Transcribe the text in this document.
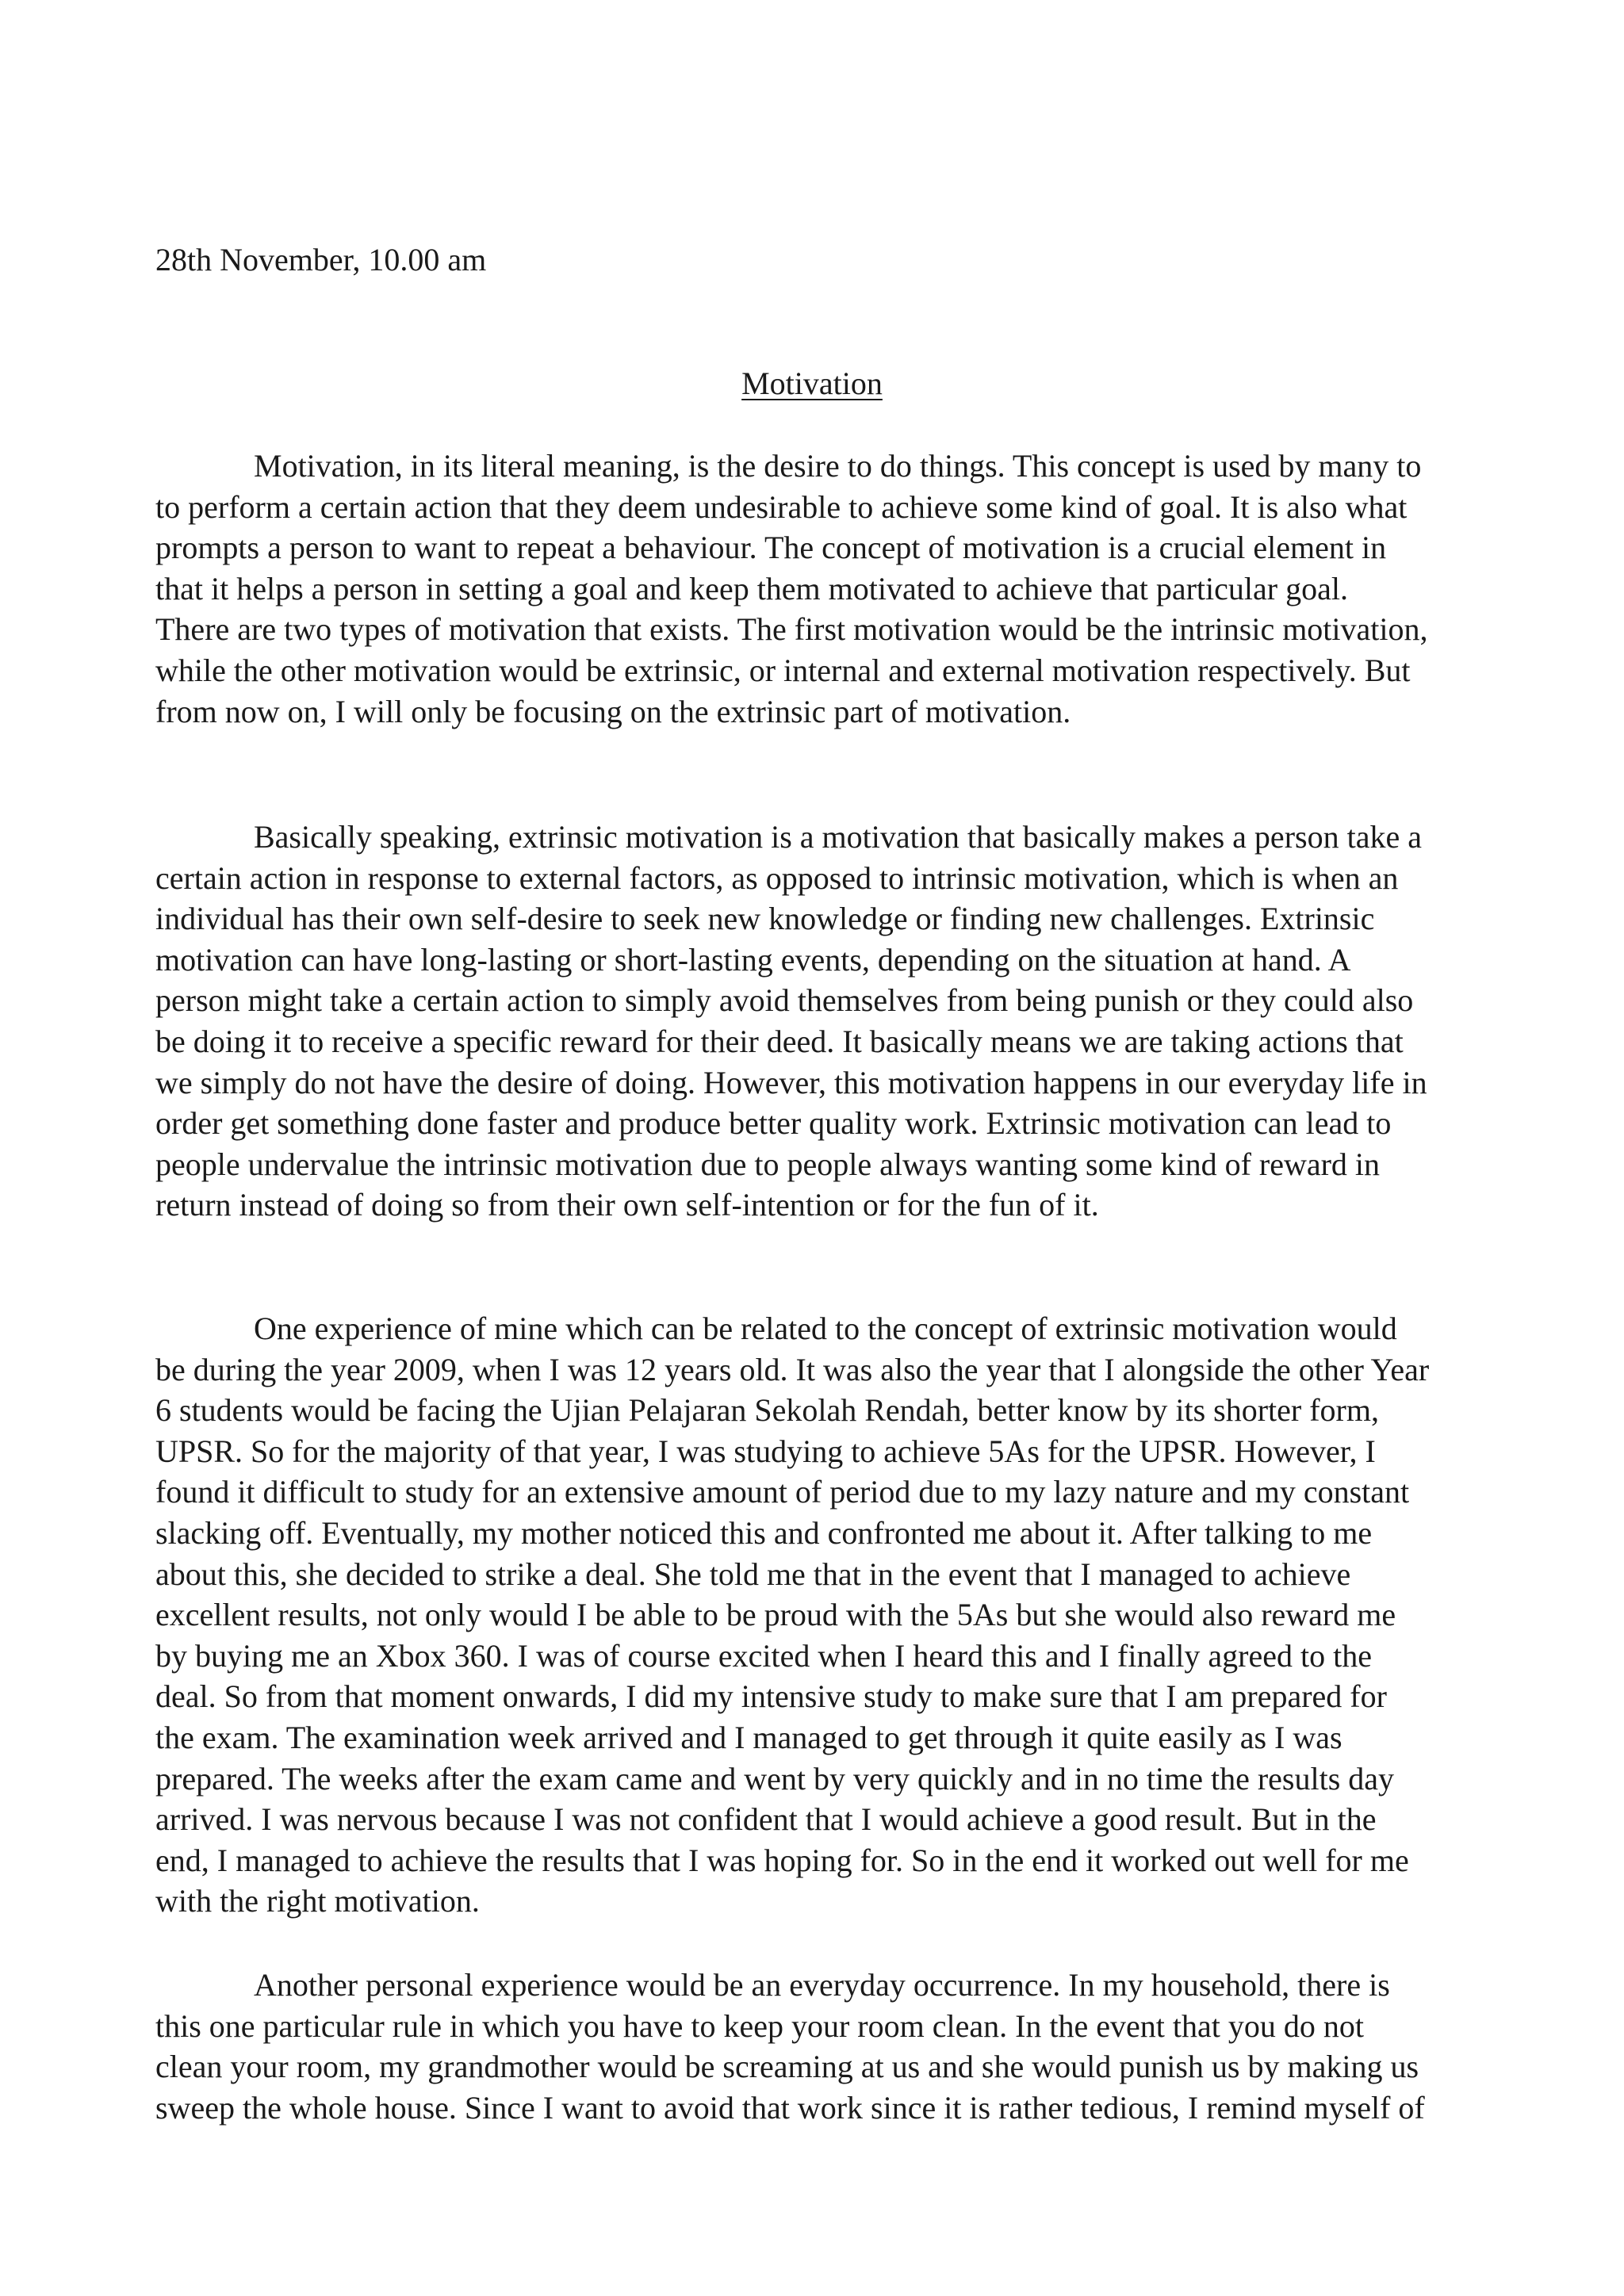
28th November, 10.00 am

Motivation

Motivation, in its literal meaning, is the desire to do things. This concept is used by many to
to perform a certain action that they deem undesirable to achieve some kind of goal. It is also what
prompts a person to want to repeat a behaviour. The concept of motivation is a crucial element in
that it helps a person in setting a goal and keep them motivated to achieve that particular goal.
There are two types of motivation that exists. The first motivation would be the intrinsic motivation,
while the other motivation would be extrinsic, or internal and external motivation respectively. But
from now on, I will only be focusing on the extrinsic part of motivation.

Basically speaking, extrinsic motivation is a motivation that basically makes a person take a
certain action in response to external factors, as opposed to intrinsic motivation, which is when an
individual has their own self-desire to seek new knowledge or finding new challenges. Extrinsic
motivation can have long-lasting or short-lasting events, depending on the situation at hand. A
person might take a certain action to simply avoid themselves from being punish or they could also
be doing it to receive a specific reward for their deed. It basically means we are taking actions that
we simply do not have the desire of doing. However, this motivation happens in our everyday life in
order get something done faster and produce better quality work. Extrinsic motivation can lead to
people undervalue the intrinsic motivation due to people always wanting some kind of reward in
return instead of doing so from their own self-intention or for the fun of it.

One experience of mine which can be related to the concept of extrinsic motivation would
be during the year 2009, when I was 12 years old. It was also the year that I alongside the other Year
6 students would be facing the Ujian Pelajaran Sekolah Rendah, better know by its shorter form,
UPSR. So for the majority of that year, I was studying to achieve 5As for the UPSR. However, I
found it difficult to study for an extensive amount of period due to my lazy nature and my constant
slacking off. Eventually, my mother noticed this and confronted me about it. After talking to me
about this, she decided to strike a deal. She told me that in the event that I managed to achieve
excellent results, not only would I be able to be proud with the 5As but she would also reward me
by buying me an Xbox 360. I was of course excited when I heard this and I finally agreed to the
deal. So from that moment onwards, I did my intensive study to make sure that I am prepared for
the exam. The examination week arrived and I managed to get through it quite easily as I was
prepared. The weeks after the exam came and went by very quickly and in no time the results day
arrived. I was nervous because I was not confident that I would achieve a good result. But in the
end, I managed to achieve the results that I was hoping for. So in the end it worked out well for me
with the right motivation.

Another personal experience would be an everyday occurrence. In my household, there is
this one particular rule in which you have to keep your room clean. In the event that you do not
clean your room, my grandmother would be screaming at us and she would punish us by making us
sweep the whole house. Since I want to avoid that work since it is rather tedious, I remind myself of
